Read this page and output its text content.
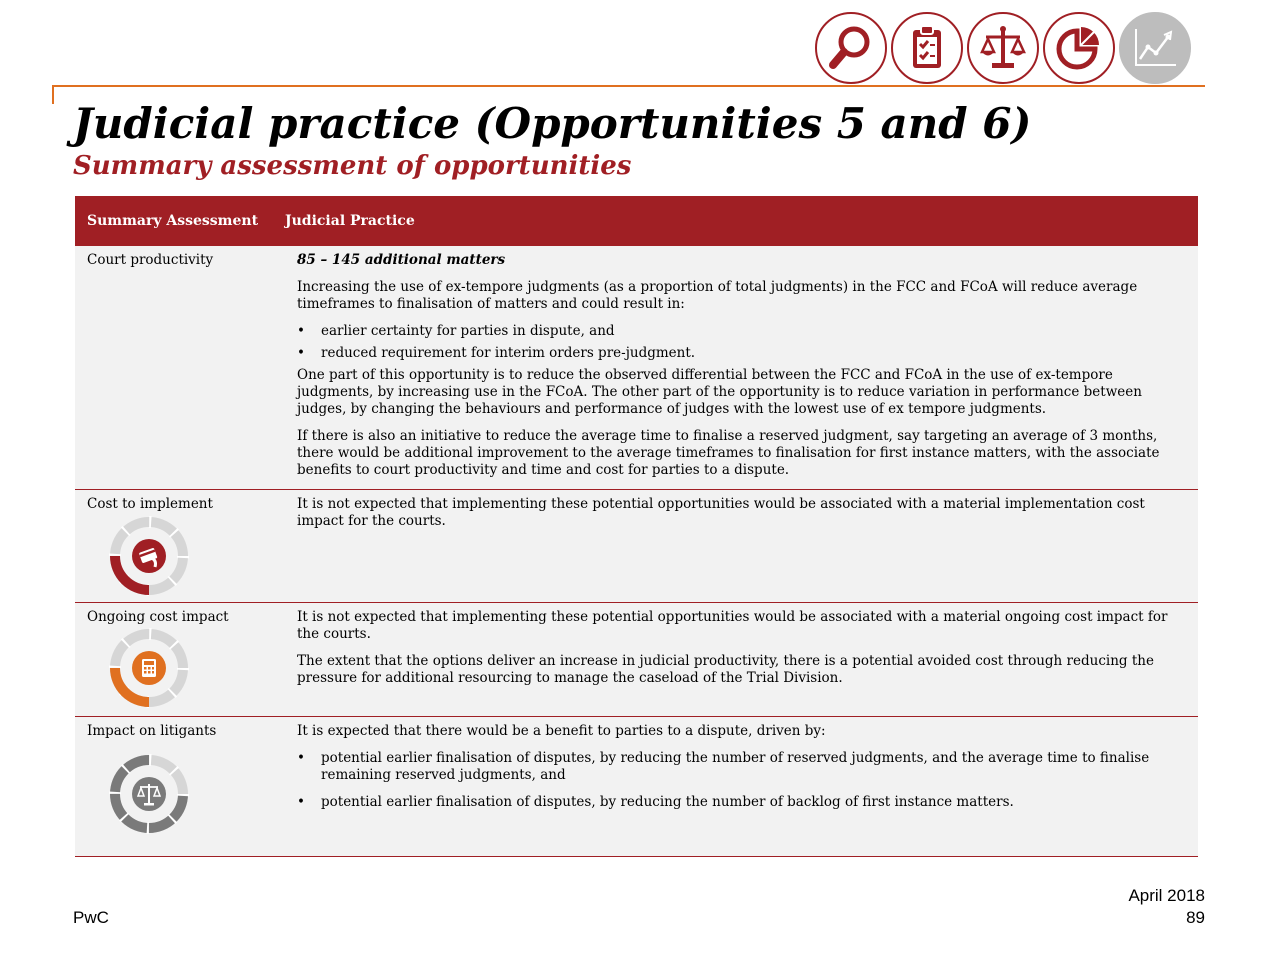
Judicial practice (Opportunities 5 and 6)
Summary assessment of opportunities
Summary Assessment	Judicial Practice
Court productivity	85 – 145 additional matters

Increasing the use of ex-tempore judgments (as a proportion of total judgments) in the FCC and FCoA will reduce average timeframes to finalisation of matters and could result in:

•	earlier certainty for parties in dispute, and
•	reduced requirement for interim orders pre-judgment.

One part of this opportunity is to reduce the observed differential between the FCC and FCoA in the use of ex-tempore judgments, by increasing use in the FCoA. The other part of the opportunity is to reduce variation in performance between judges, by changing the behaviours and performance of judges with the lowest use of ex tempore judgments.

If there is also an initiative to reduce the average time to finalise a reserved judgment, say targeting an average of 3 months, there would be additional improvement to the average timeframes to finalisation for first instance matters, with the associate benefits to court productivity and time and cost for parties to a dispute.

Cost to implement	It is not expected that implementing these potential opportunities would be associated with a material implementation cost impact for the courts.

Ongoing cost impact	It is not expected that implementing these potential opportunities would be associated with a material ongoing cost impact for the courts.

The extent that the options deliver an increase in judicial productivity, there is a potential avoided cost through reducing the pressure for additional resourcing to manage the caseload of the Trial Division.

Impact on litigants	It is expected that there would be a benefit to parties to a dispute, driven by:

•	potential earlier finalisation of disputes, by reducing the number of reserved judgments, and the average time to finalise remaining reserved judgments, and
•	potential earlier finalisation of disputes, by reducing the number of backlog of first instance matters.
PwC
April 2018
89
